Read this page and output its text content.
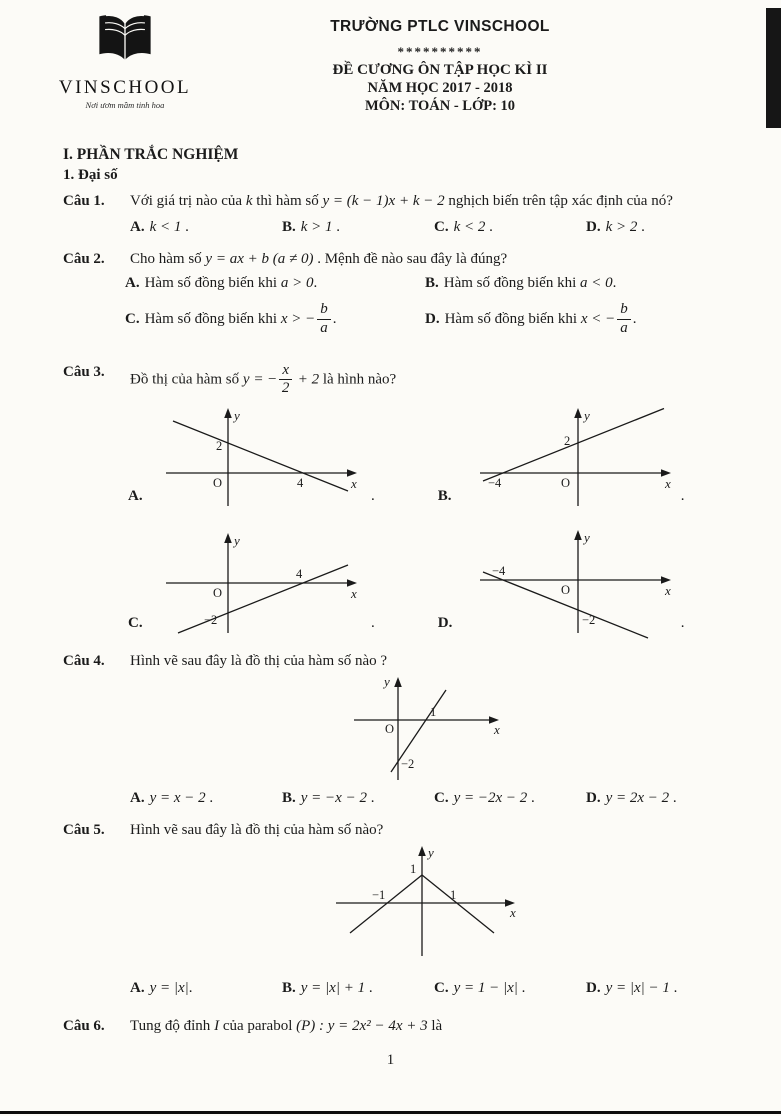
VINSCHOOL
Nơi ươm mầm tinh hoa
TRƯỜNG PTLC VINSCHOOL
**********
ĐỀ CƯƠNG ÔN TẬP HỌC KÌ II
NĂM HỌC 2017 - 2018
MÔN: TOÁN - LỚP: 10
I. PHẦN TRẮC NGHIỆM
1. Đại số
Câu 1.	Với giá trị nào của k thì hàm số y = (k − 1)x + k − 2 nghịch biến trên tập xác định của nó?
A. k < 1 .	B. k > 1 .	C. k < 2 .	D. k > 2 .
Câu 2.	Cho hàm số y = ax + b (a ≠ 0) . Mệnh đề nào sau đây là đúng?
A. Hàm số đồng biến khi a > 0.	B. Hàm số đồng biến khi a < 0.
C. Hàm số đồng biến khi x > − $\frac{b}{a}$ .	D. Hàm số đồng biến khi x < − $\frac{b}{a}$ .
Câu 3.	Đồ thị của hàm số y = − $\frac{x}{2} + 2$ là hình nào?
A.
y
x
O
2
4
.	B.
y
x
O
2
−4
.
C.
y
x
O
−2
4
.	D.
y
x
O
−2
−4
.
Câu 4.	Hình vẽ sau đây là đồ thị của hàm số nào ?
y
x
O
1
−2
A. y = x − 2 .	B. y = −x − 2 .	C. y = −2x − 2 .	D. y = 2x − 2 .
Câu 5.	Hình vẽ sau đây là đồ thị của hàm số nào?
y
x
1
−1	1
A. y = |x|.	B. y = |x| + 1 .	C. y = 1 − |x| .	D. y = |x| − 1 .
Câu 6.	Tung độ đỉnh I của parabol (P) : y = 2x² − 4x + 3 là
1
